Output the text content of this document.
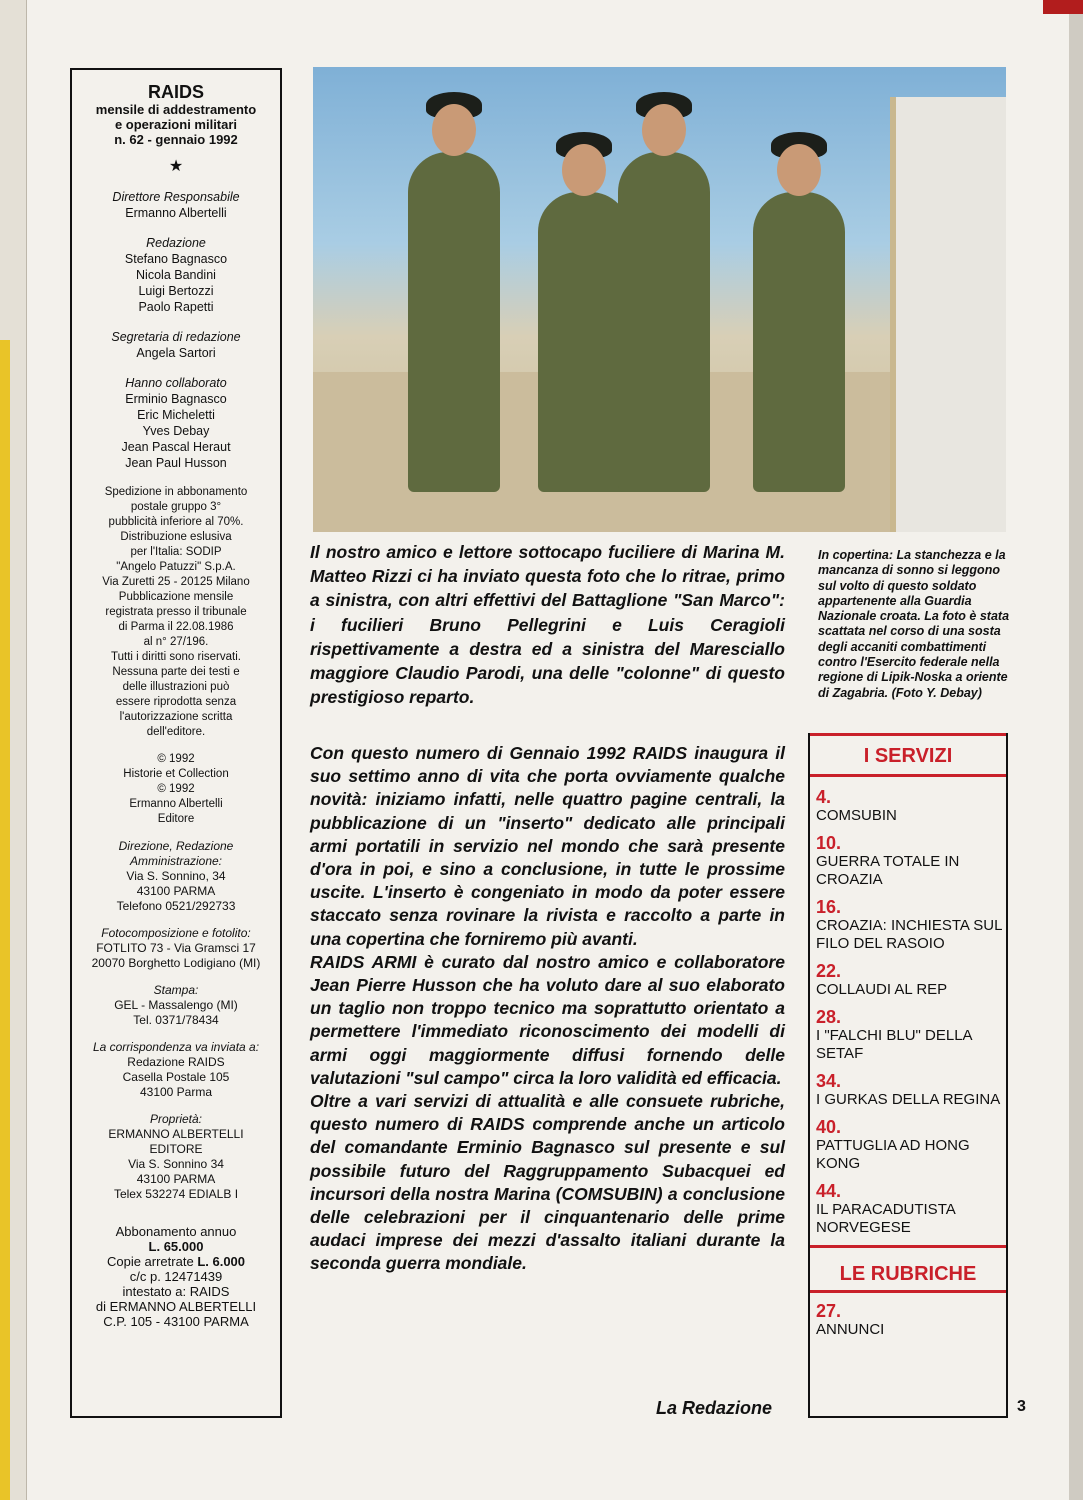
RAIDS
mensile di addestramento
e operazioni militari
n. 62 - gennaio 1992
★
Direttore Responsabile
Ermanno Albertelli
Redazione
Stefano Bagnasco
Nicola Bandini
Luigi Bertozzi
Paolo Rapetti
Segretaria di redazione
Angela Sartori
Hanno collaborato
Erminio Bagnasco
Eric Micheletti
Yves Debay
Jean Pascal Heraut
Jean Paul Husson
Spedizione in abbonamento
postale gruppo 3°
pubblicità inferiore al 70%.
Distribuzione eslusiva
per l'Italia: SODIP
"Angelo Patuzzi" S.p.A.
Via Zuretti 25 - 20125 Milano
Pubblicazione mensile
registrata presso il tribunale
di Parma il 22.08.1986
al n° 27/196.
Tutti i diritti sono riservati.
Nessuna parte dei testi e
delle illustrazioni può
essere riprodotta senza
l'autorizzazione scritta
dell'editore.
© 1992
Historie et Collection
© 1992
Ermanno Albertelli
Editore
Direzione, Redazione
Amministrazione:
Via S. Sonnino, 34
43100 PARMA
Telefono 0521/292733
Fotocomposizione e fotolito:
FOTLITO 73 - Via Gramsci 17
20070 Borghetto Lodigiano (MI)
Stampa:
GEL - Massalengo (MI)
Tel. 0371/78434
La corrispondenza va inviata a:
Redazione RAIDS
Casella Postale 105
43100 Parma
Proprietà:
ERMANNO ALBERTELLI
EDITORE
Via S. Sonnino 34
43100 PARMA
Telex 532274 EDIALB I
Abbonamento annuo
L. 65.000
Copie arretrate L. 6.000
c/c p. 12471439
intestato a: RAIDS
di ERMANNO ALBERTELLI
C.P. 105 - 43100 PARMA
Il nostro amico e lettore sottocapo fuciliere di Marina M. Matteo Rizzi ci ha inviato questa foto che lo ritrae, primo a sinistra, con altri effettivi del Battaglione "San Marco": i fucilieri Bruno Pellegrini e Luis Ceragioli rispettivamente a destra ed a sinistra del Maresciallo maggiore Claudio Parodi, una delle "colonne" di questo prestigioso reparto.
In copertina: La stanchezza e la mancanza di sonno si leggono sul volto di questo soldato appartenente alla Guardia Nazionale croata. La foto è stata scattata nel corso di una sosta degli accaniti combattimenti contro l'Esercito federale nella regione di Lipik-Noska a oriente di Zagabria. (Foto Y. Debay)

Con questo numero di Gennaio 1992 RAIDS inaugura il suo settimo anno di vita che porta ovviamente qualche novità: iniziamo infatti, nelle quattro pagine centrali, la pubblicazione di un "inserto" dedicato alle principali armi portatili in servizio nel mondo che sarà presente d'ora in poi, e sino a conclusione, in tutte le prossime uscite. L'inserto è congeniato in modo da poter essere staccato senza rovinare la rivista e raccolto a parte in una copertina che forniremo più avanti.

RAIDS ARMI è curato dal nostro amico e collaboratore Jean Pierre Husson che ha voluto dare al suo elaborato un taglio non troppo tecnico ma soprattutto orientato a permettere l'immediato riconoscimento dei modelli di armi oggi maggiormente diffusi fornendo delle valutazioni "sul campo" circa la loro validità ed efficacia.

Oltre a vari servizi di attualità e alle consuete rubriche, questo numero di RAIDS comprende anche un articolo del comandante Erminio Bagnasco sul presente e sul possibile futuro del Raggruppamento Subacquei ed incursori della nostra Marina (COMSUBIN) a conclusione delle celebrazioni per il cinquantenario delle prime audaci imprese dei mezzi d'assalto italiani durante la seconda guerra mondiale.

La Redazione
I SERVIZI
4.
COMSUBIN
10.
GUERRA TOTALE IN CROAZIA
16.
CROAZIA: INCHIESTA SUL FILO DEL RASOIO
22.
COLLAUDI AL REP
28.
I "FALCHI BLU" DELLA SETAF
34.
I GURKAS DELLA REGINA
40.
PATTUGLIA AD HONG KONG
44.
IL PARACADUTISTA NORVEGESE
LE RUBRICHE
27.
ANNUNCI
3
